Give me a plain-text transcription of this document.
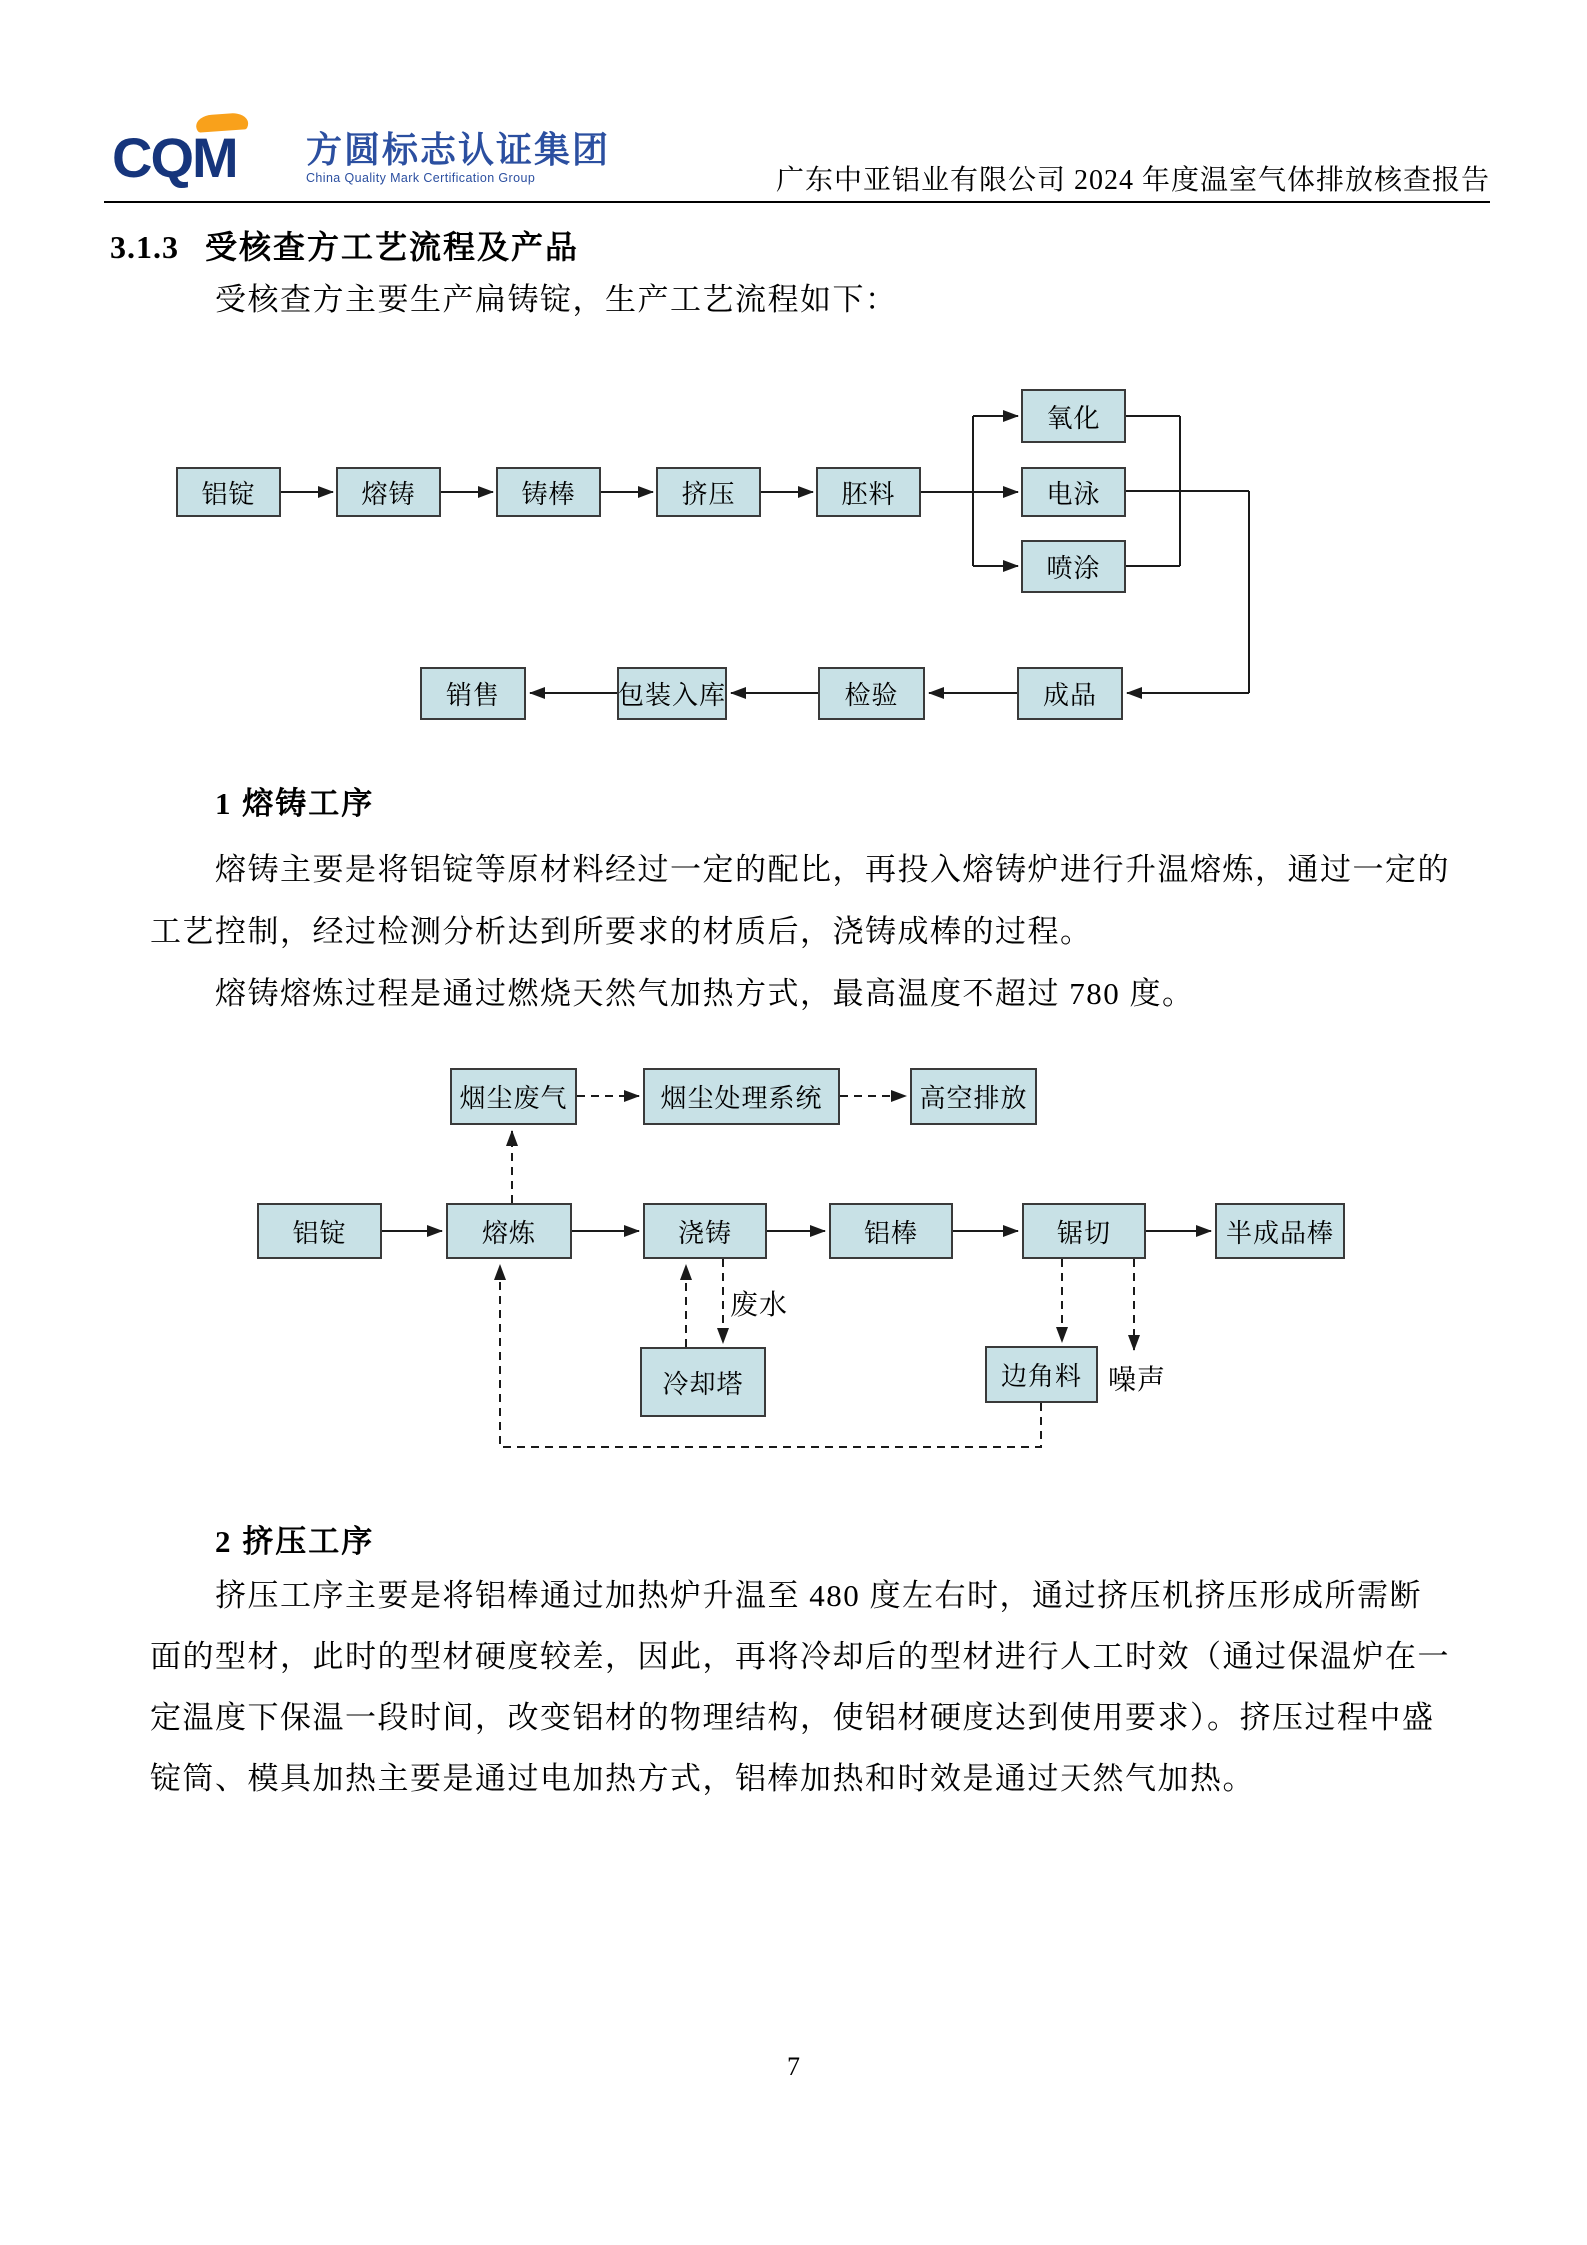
CQM 方圆标志认证集团
China Quality Mark Certification Group	广东中亚铝业有限公司 2024 年度温室气体排放核查报告
3.1.3 受核查方工艺流程及产品
受核查方主要生产扁铸锭，生产工艺流程如下：
铝锭	熔铸	铸棒	挤压	胚料
氧化
电泳
喷涂
成品
检验
包装入库
销售
1 熔铸工序
熔铸主要是将铝锭等原材料经过一定的配比，再投入熔铸炉进行升温熔炼，通过一定的
工艺控制，经过检测分析达到所要求的材质后，浇铸成棒的过程。
熔铸熔炼过程是通过燃烧天然气加热方式，最高温度不超过 780 度。
烟尘废气	烟尘处理系统	高空排放
铝锭	熔炼	浇铸	铝棒	锯切	半成品棒
冷却塔	边角料
废水
噪声
2 挤压工序
挤压工序主要是将铝棒通过加热炉升温至 480 度左右时，通过挤压机挤压形成所需断
面的型材，此时的型材硬度较差，因此，再将冷却后的型材进行人工时效（通过保温炉在一
定温度下保温一段时间，改变铝材的物理结构，使铝材硬度达到使用要求）。挤压过程中盛
锭筒、模具加热主要是通过电加热方式，铝棒加热和时效是通过天然气加热。
7
